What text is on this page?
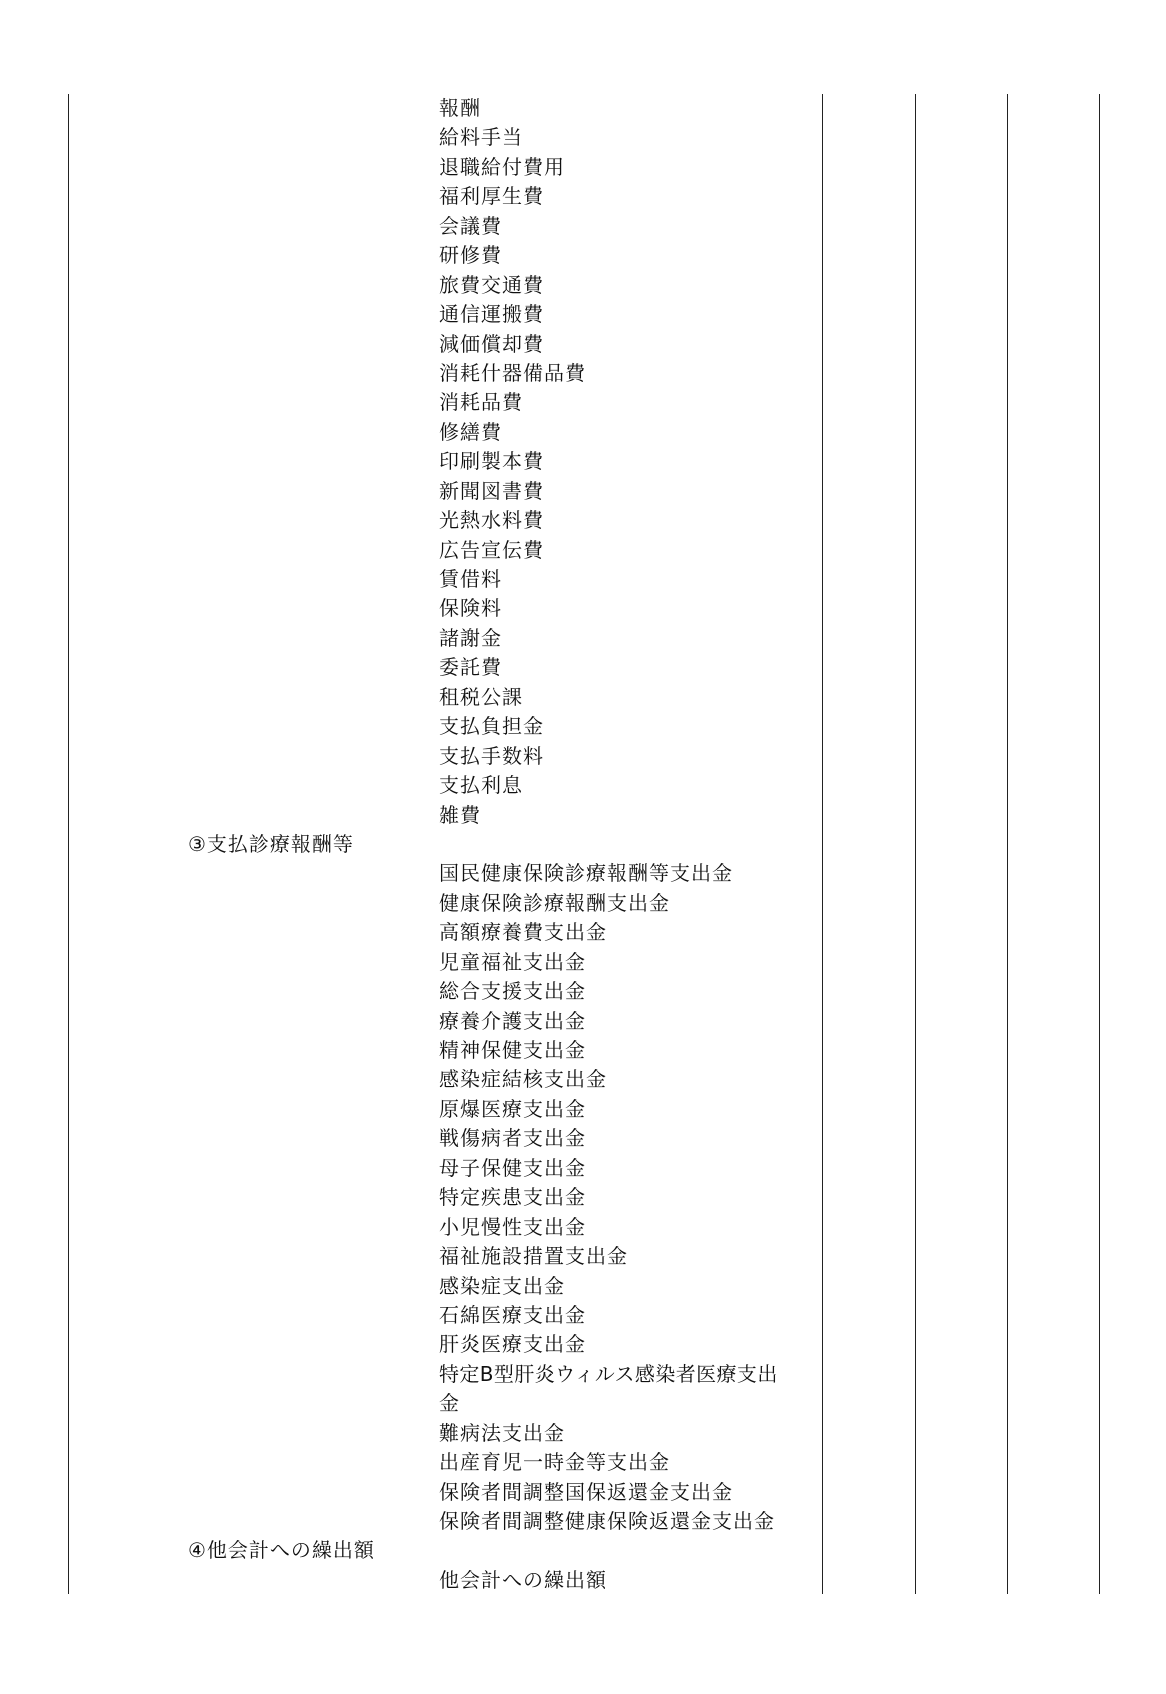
報酬
給料手当
退職給付費用
福利厚生費
会議費
研修費
旅費交通費
通信運搬費
減価償却費
消耗什器備品費
消耗品費
修繕費
印刷製本費
新聞図書費
光熱水料費
広告宣伝費
賃借料
保険料
諸謝金
委託費
租税公課
支払負担金
支払手数料
支払利息
雑費
③支払診療報酬等
国民健康保険診療報酬等支出金
健康保険診療報酬支出金
高額療養費支出金
児童福祉支出金
総合支援支出金
療養介護支出金
精神保健支出金
感染症結核支出金
原爆医療支出金
戦傷病者支出金
母子保健支出金
特定疾患支出金
小児慢性支出金
福祉施設措置支出金
感染症支出金
石綿医療支出金
肝炎医療支出金
特定B型肝炎ウィルス感染者医療支出
金
難病法支出金
出産育児一時金等支出金
保険者間調整国保返還金支出金
保険者間調整健康保険返還金支出金
④他会計への繰出額
他会計への繰出額
